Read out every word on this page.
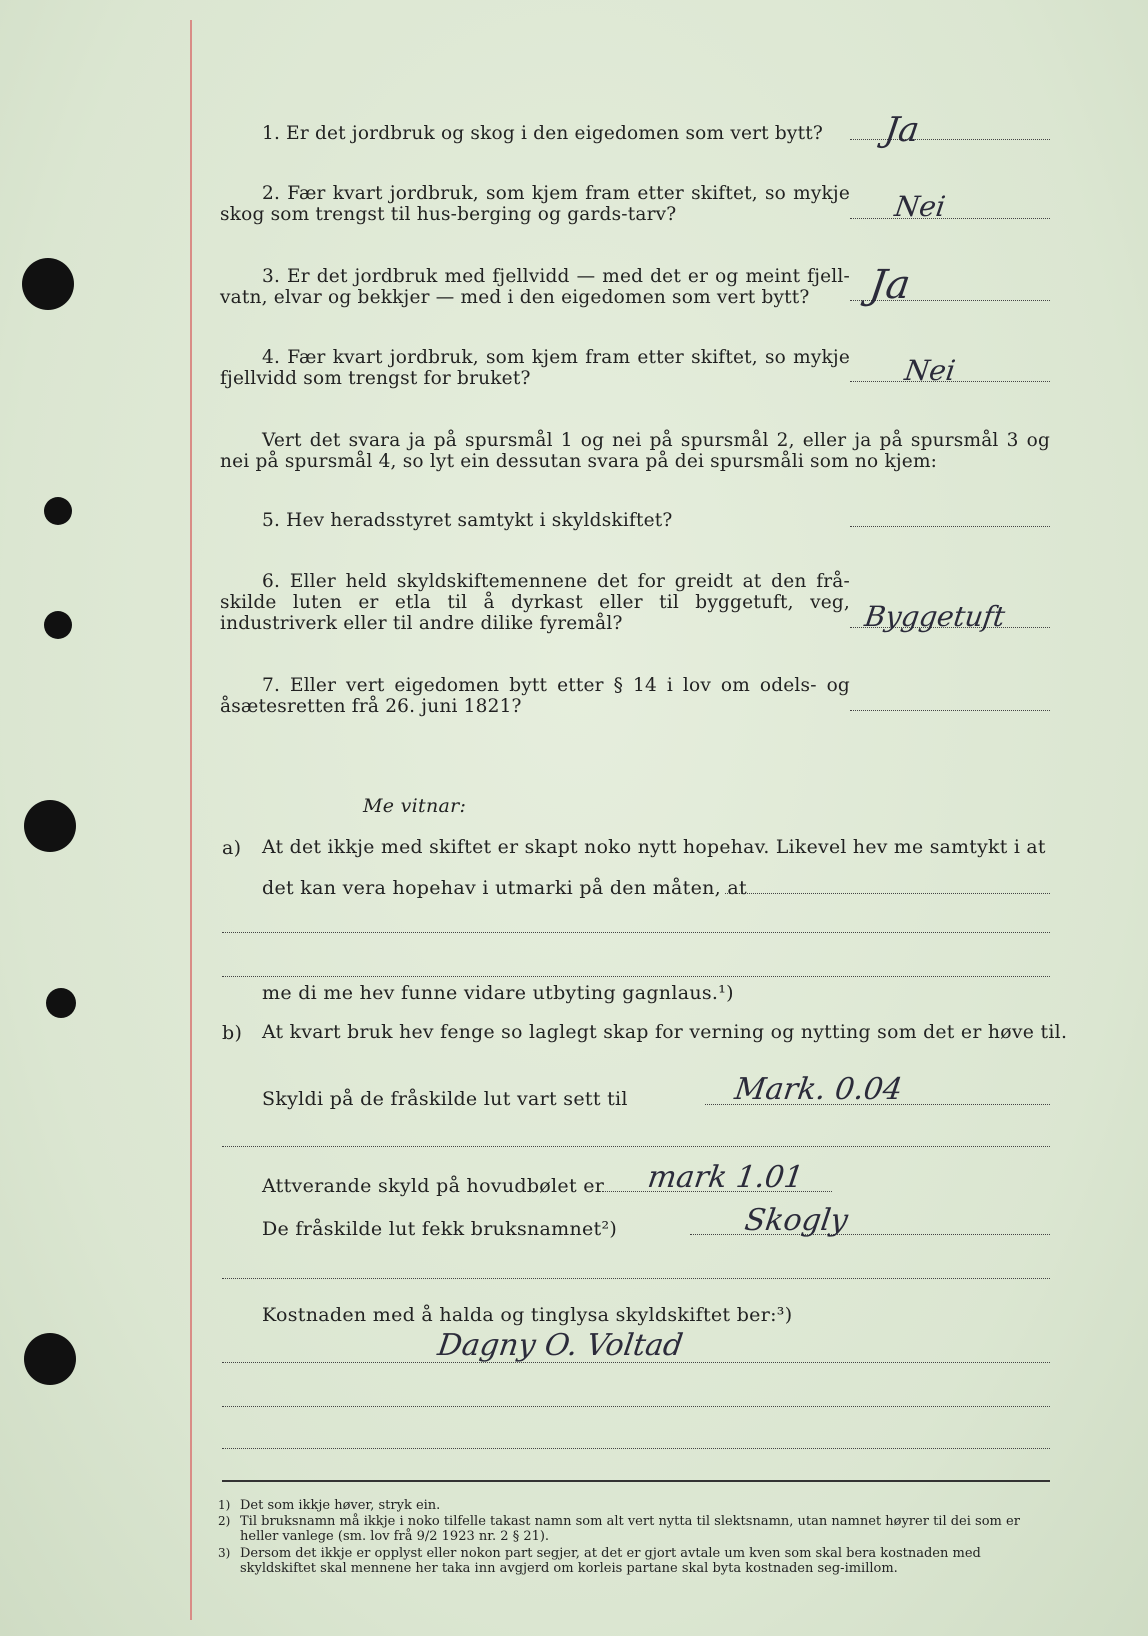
1. Er det jordbruk og skog i den eigedomen som vert bytt?	Ja
2. Fær kvart jordbruk, som kjem fram etter skiftet, so mykje skog som trengst til hus-berging og gards-tarv?	Nei
3. Er det jordbruk med fjellvidd — med det er og meint fjell-vatn, elvar og bekkjer — med i den eigedomen som vert bytt?	Ja
4. Fær kvart jordbruk, som kjem fram etter skiftet, so mykje fjellvidd som trengst for bruket?	Nei
Vert det svara ja på spursmål 1 og nei på spursmål 2, eller ja på spursmål 3 og nei på spursmål 4, so lyt ein dessutan svara på dei spursmåli som no kjem:
5. Hev heradsstyret samtykt i skyldskiftet?
6. Eller held skyldskiftemennene det for greidt at den frå-skilde luten er etla til å dyrkast eller til byggetuft, veg, industriverk eller til andre dilike fyremål?	Byggetuft
7. Eller vert eigedomen bytt etter § 14 i lov om odels- og åsætesretten frå 26. juni 1821?
Me vitnar:
a) At det ikkje med skiftet er skapt noko nytt hopehav. Likevel hev me samtykt i at
det kan vera hopehav i utmarki på den måten, at
me di me hev funne vidare utbyting gagnlaus.¹)
b) At kvart bruk hev fenge so laglegt skap for verning og nytting som det er høve til.
Skyldi på de fråskilde lut vart sett til	Mark. 0.04
Attverande skyld på hovudbølet er mark 1.01
De fråskilde lut fekk bruksnamnet²)	Skogly
Kostnaden med å halda og tinglysa skyldskiftet ber:³)
Dagny O. Voltad
1) Det som ikkje høver, stryk ein.
2) Til bruksnamn må ikkje i noko tilfelle takast namn som alt vert nytta til slektsnamn, utan namnet høyrer til dei som er heller vanlege (sm. lov frå 9/2 1923 nr. 2 § 21).
3) Dersom det ikkje er opplyst eller nokon part segjer, at det er gjort avtale um kven som skal bera kostnaden med skyldskiftet skal mennene her taka inn avgjerd om korleis partane skal byta kostnaden seg-imillom.
